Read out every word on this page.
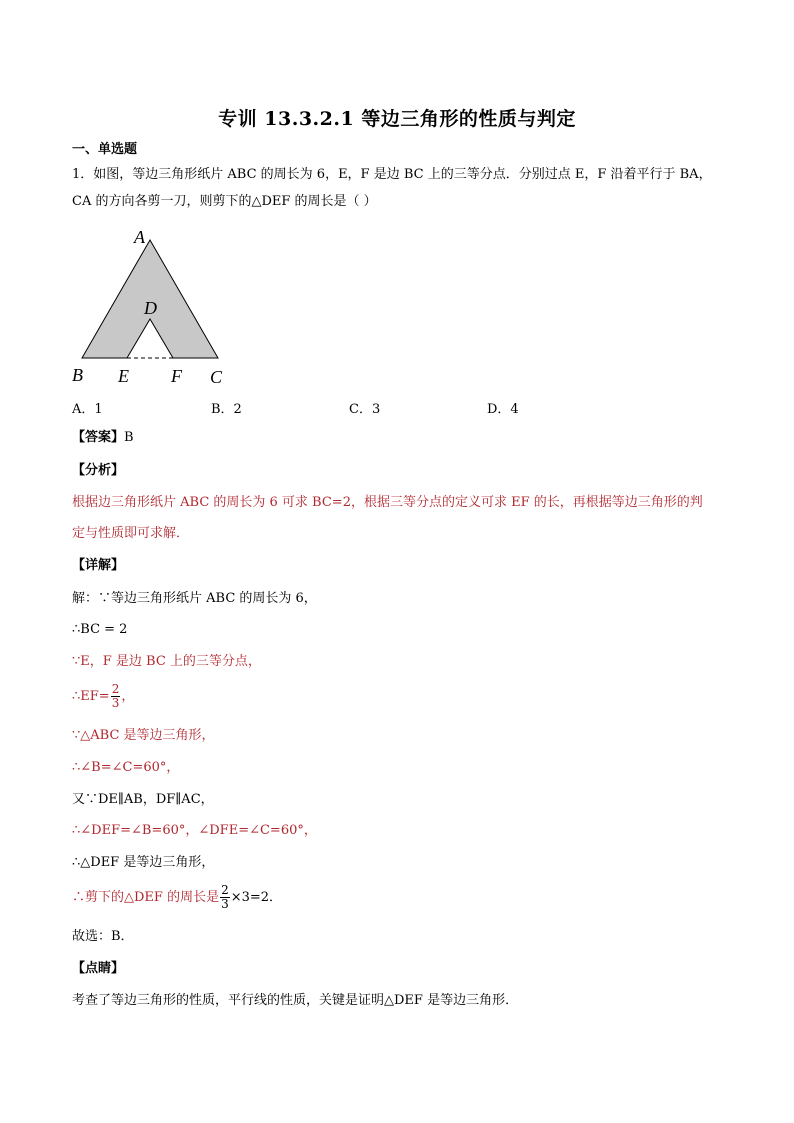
专训 13.3.2.1 等边三角形的性质与判定
一、单选题
1．如图，等边三角形纸片 ABC 的周长为 6，E，F 是边 BC 上的三等分点．分别过点 E，F 沿着平行于 BA，
CA 的方向各剪一刀，则剪下的△DEF 的周长是（ ）
A
D
B E F C
A．1	B．2	C．3	D．4
【答案】B
【分析】
根据边三角形纸片 ABC 的周长为 6 可求 BC=2，根据三等分点的定义可求 EF 的长，再根据等边三角形的判
定与性质即可求解．
【详解】
解：∵等边三角形纸片 ABC 的周长为 6，
∴BC = 2
∵E，F 是边 BC 上的三等分点，
∴EF= $\frac{2}{3}$ ，
∵△ABC 是等边三角形，
∴∠B=∠C=60°，
又∵DE∥AB，DF∥AC，
∴∠DEF=∠B=60°，∠DFE=∠C=60°，
∴△DEF 是等边三角形，
∴剪下的△DEF 的周长是 $\frac{2}{3} \times 3=2$．
故选：B．
【点睛】
考查了等边三角形的性质，平行线的性质，关键是证明△DEF 是等边三角形．
